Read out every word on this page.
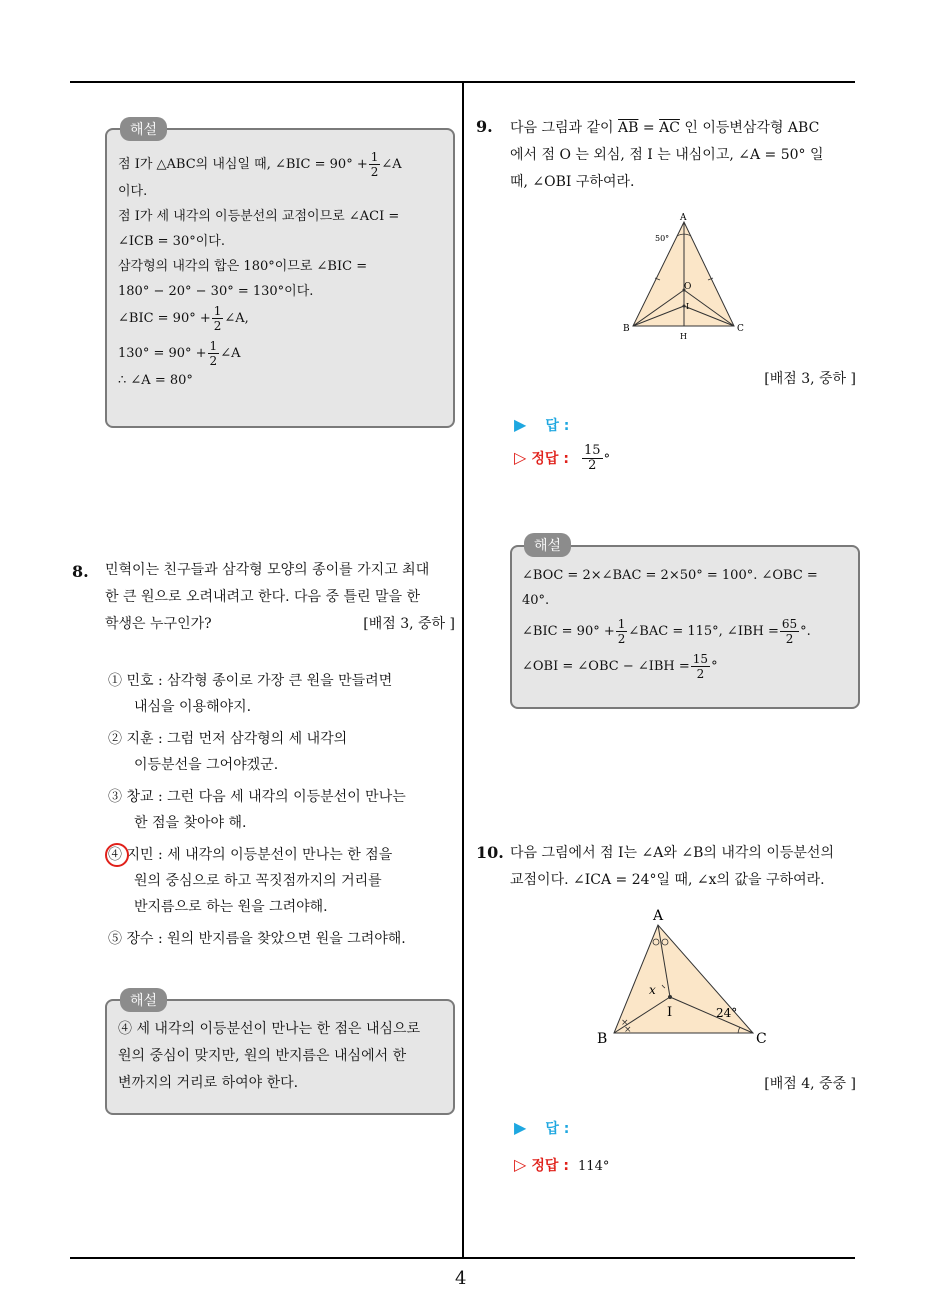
4
해설
점 I가 △ABC의 내심일 때, ∠BIC = $90^\circ + \frac{1}{2}$ ∠A
이다.
점 I가 세 내각의 이등분선의 교점이므로 ∠ACI =
∠ICB = 30°이다.
삼각형의 내각의 합은 180°이므로 ∠BIC =
180° − 20° − 30° = 130°이다.
∠BIC = $90^\circ + \frac{1}{2}$ ∠A,
$130^\circ = 90^\circ + \frac{1}{2}$ ∠A
∴ ∠A = 80°
8. 민혁이는 친구들과 삼각형 모양의 종이를 가지고 최대
한 큰 원으로 오려내려고 한다. 다음 중 틀린 말을 한
학생은 누구인가?	[배점 3, 중하 ]
① 민호 : 삼각형 종이로 가장 큰 원을 만들려면
내심을 이용해야지.
② 지훈 : 그럼 먼저 삼각형의 세 내각의
이등분선을 그어야겠군.
③ 창교 : 그런 다음 세 내각의 이등분선이 만나는
한 점을 찾아야 해.
④ 지민 : 세 내각의 이등분선이 만나는 한 점을
원의 중심으로 하고 꼭짓점까지의 거리를
반지름으로 하는 원을 그려야해.
⑤ 장수 : 원의 반지름을 찾았으면 원을 그려야해.
해설
④ 세 내각의 이등분선이 만나는 한 점은 내심으로
원의 중심이 맞지만, 원의 반지름은 내심에서 한
변까지의 거리로 하여야 한다.
9. 다음 그림과 같이 $\overline{AB} = \overline{AC}$ 인 이등변삼각형 ABC
에서 점 O 는 외심, 점 I 는 내심이고, ∠A = 50° 일
때, ∠OBI 구하여라.
A
B	C
O
I
H
50°
[배점 3, 중하 ]
▶ 답 :
▷ 정답 : $\frac{15}{2}$ °
해설
∠BOC = 2×∠BAC = 2×50° = 100°. ∠OBC =
40°.
∠BIC = $90^\circ + \frac{1}{2}$ ∠BAC = 115°, ∠IBH = $\frac{65}{2}$ °.
∠OBI = ∠OBC − ∠IBH = $\frac{15}{2}$ °
10. 다음 그림에서 점 I는 ∠A와 ∠B의 내각의 이등분선의
교점이다. ∠ICA = 24°일 때, ∠x의 값을 구하여라.
×
×
A
B	C
I
x
24°
[배점 4, 중중 ]
▶ 답 :
▷ 정답 : 114°
